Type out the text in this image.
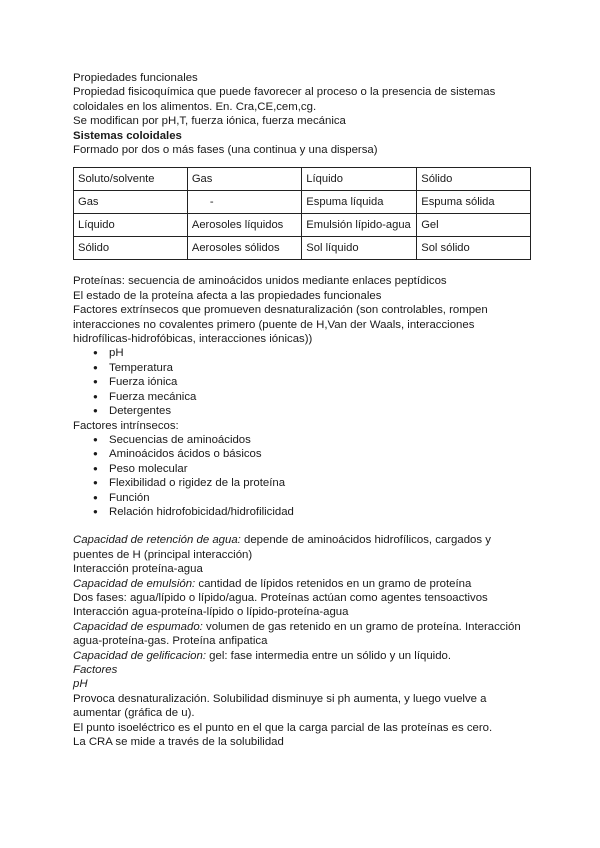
Propiedades funcionales

Propiedad fisicoquímica que puede favorecer al proceso o la presencia de sistemas coloidales en los alimentos. En. Cra,CE,cem,cg.

Se modifican por pH,T, fuerza iónica, fuerza mecánica

Sistemas coloidales

Formado por dos o más fases (una continua y una dispersa)

Soluto/solvente	Gas	Líquido	Sólido
Gas	-	Espuma líquida	Espuma sólida
Líquido	Aerosoles líquidos	Emulsión lípido-agua	Gel
Sólido	Aerosoles sólidos	Sol líquido	Sol sólido

Proteínas: secuencia de aminoácidos unidos mediante enlaces peptídicos

El estado de la proteína afecta a las propiedades funcionales

Factores extrínsecos que promueven desnaturalización (son controlables, rompen interacciones no covalentes primero (puente de H,Van der Waals, interacciones hidrofílicas-hidrofóbicas, interacciones iónicas))

● pH
● Temperatura
● Fuerza iónica
● Fuerza mecánica
● Detergentes

Factores intrínsecos:

● Secuencias de aminoácidos
● Aminoácidos ácidos o básicos
● Peso molecular
● Flexibilidad o rigidez de la proteína
● Función
● Relación hidrofobicidad/hidrofilicidad

Capacidad de retención de agua: depende de aminoácidos hidrofílicos, cargados y puentes de H (principal interacción)

Interacción proteína-agua

Capacidad de emulsión: cantidad de lípidos retenidos en un gramo de proteína

Dos fases: agua/lípido o lípido/agua. Proteínas actúan como agentes tensoactivos

Interacción agua-proteína-lípido o lípido-proteína-agua

Capacidad de espumado: volumen de gas retenido en un gramo de proteína. Interacción agua-proteína-gas. Proteína anfipatica

Capacidad de gelificacion: gel: fase intermedia entre un sólido y un líquido.

Factores

pH

Provoca desnaturalización. Solubilidad disminuye si ph aumenta, y luego vuelve a aumentar (gráfica de u).

El punto isoeléctrico es el punto en el que la carga parcial de las proteínas es cero.

La CRA se mide a través de la solubilidad
